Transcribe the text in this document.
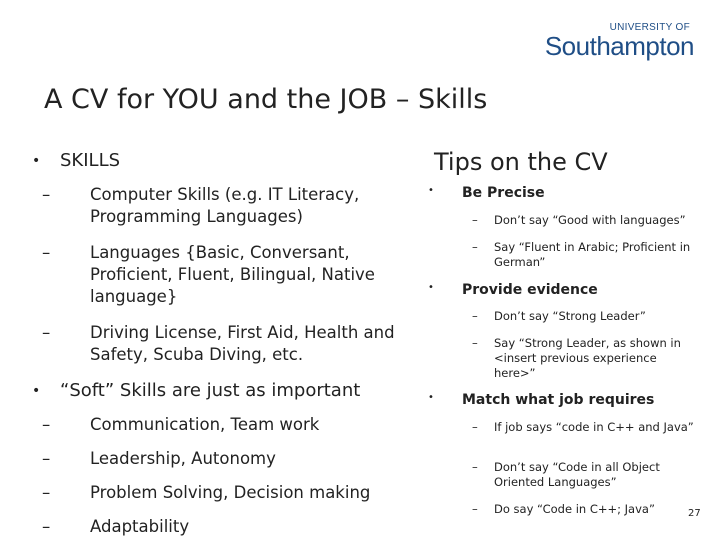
UNIVERSITY OF
Southampton
A CV for YOU and the JOB – Skills
• SKILLS
– Computer Skills (e.g. IT Literacy, Programming Languages)
– Languages {Basic, Conversant, Proficient, Fluent, Bilingual, Native language}
– Driving License, First Aid, Health and Safety, Scuba Diving, etc.
• “Soft” Skills are just as important
– Communication, Team work
– Leadership, Autonomy
– Problem Solving, Decision making
– Adaptability
Tips on the CV
• Be Precise
– Don’t say “Good with languages”
– Say “Fluent in Arabic; Proficient in German”
• Provide evidence
– Don’t say “Strong Leader”
– Say “Strong Leader, as shown in <insert previous experience here>”
• Match what job requires
– If job says “code in C++ and Java”
– Don’t say “Code in all Object Oriented Languages”
– Do say “Code in C++; Java”	27
